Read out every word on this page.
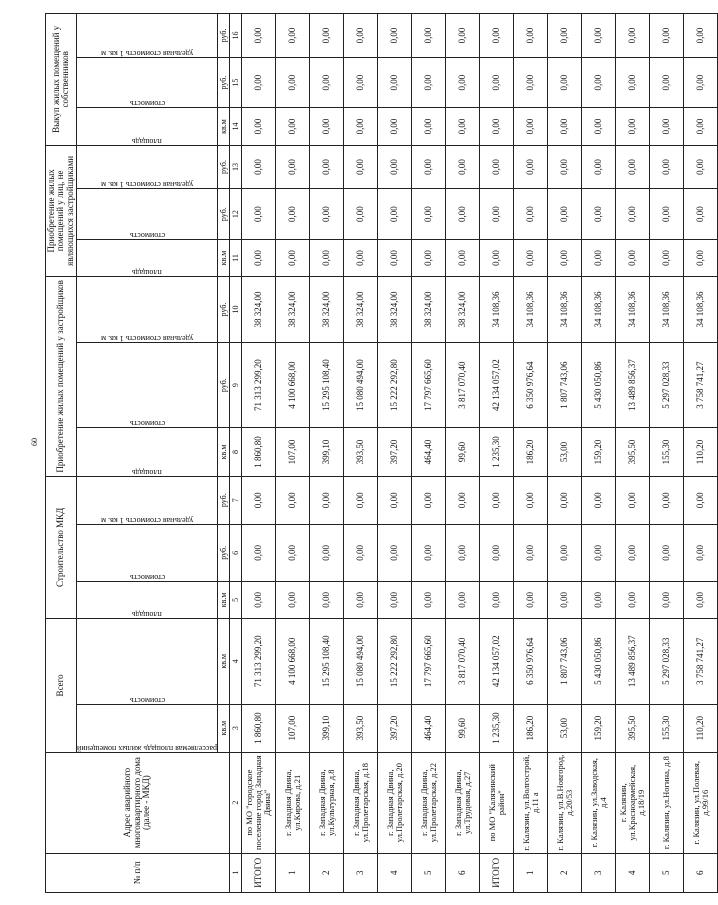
60
№ п/п	Адрес аварийного многоквартирного дома (далее - МКД)	Всего		Строительство МКД			Приобретение жилых помещений у застройщиков			Приобретение жилых помещений у лиц, не являющихся застройщиками			Выкуп жилых помещений у собственников		

		расселяемая площадь жилых помещений	стоимость	площадь	стоимость	удельная стоимость 1 кв. м	площадь	стоимость	удельная стоимость 1 кв. м	площадь	стоимость	удельная стоимость 1 кв. м	площадь	стоимость	удельная стоимость 1 кв. м

		кв.м	кв.м	кв.м	руб.	руб.	кв.м	руб.	руб.	кв.м	руб.	руб.	кв.м	руб.	руб.
1	2	3	4	5	6	7	8	9	10	11	12	13	14	15	16
ИТОГО	по МО "городское поселение город Западная Двина"	1 860,80	71 313 299,20	0,00	0,00	0,00	1 860,80	71 313 299,20	38 324,00	0,00	0,00	0,00	0,00	0,00	0,00
1	г. Западная Двина, ул.Кирова, д.21	107,00	4 100 668,00	0,00	0,00	0,00	107,00	4 100 668,00	38 324,00	0,00	0,00	0,00	0,00	0,00	0,00
2	г. Западная Двина, ул.Культурная, д.8	399,10	15 295 108,40	0,00	0,00	0,00	399,10	15 295 108,40	38 324,00	0,00	0,00	0,00	0,00	0,00	0,00
3	г. Западная Двина, ул.Пролетарская, д.18	393,50	15 080 494,00	0,00	0,00	0,00	393,50	15 080 494,00	38 324,00	0,00	0,00	0,00	0,00	0,00	0,00
4	г. Западная Двина, ул.Пролетарская, д.20	397,20	15 222 292,80	0,00	0,00	0,00	397,20	15 222 292,80	38 324,00	0,00	0,00	0,00	0,00	0,00	0,00
5	г. Западная Двина, ул.Пролетарская, д.22	464,40	17 797 665,60	0,00	0,00	0,00	464,40	17 797 665,60	38 324,00	0,00	0,00	0,00	0,00	0,00	0,00
6	г. Западная Двина, ул.Трудовая, д.27	99,60	3 817 070,40	0,00	0,00	0,00	99,60	3 817 070,40	38 324,00	0,00	0,00	0,00	0,00	0,00	0,00
ИТОГО	по МО "Калязинский район"	1 235,30	42 134 057,02	0,00	0,00	0,00	1 235,30	42 134 057,02	34 108,36	0,00	0,00	0,00	0,00	0,00	0,00
1	г. Калязин, ул.Волгострой, д.11 а	186,20	6 350 976,64	0,00	0,00	0,00	186,20	6 350 976,64	34 108,36	0,00	0,00	0,00	0,00	0,00	0,00
2	г. Калязин, ул.В.Новгород, д.20/53	53,00	1 807 743,06	0,00	0,00	0,00	53,00	1 807 743,06	34 108,36	0,00	0,00	0,00	0,00	0,00	0,00
3	г. Калязин, ул.Заводская, д.4	159,20	5 430 050,86	0,00	0,00	0,00	159,20	5 430 050,86	34 108,36	0,00	0,00	0,00	0,00	0,00	0,00
4	г. Калязин, ул.Красноармейская, д.18/19	395,50	13 489 856,37	0,00	0,00	0,00	395,50	13 489 856,37	34 108,36	0,00	0,00	0,00	0,00	0,00	0,00
5	г. Калязин, ул.Ногина, д.8	155,30	5 297 028,33	0,00	0,00	0,00	155,30	5 297 028,33	34 108,36	0,00	0,00	0,00	0,00	0,00	0,00
6	г. Калязин, ул.Полевая, д.99/16	110,20	3 758 741,27	0,00	0,00	0,00	110,20	3 758 741,27	34 108,36	0,00	0,00	0,00	0,00	0,00	0,00
